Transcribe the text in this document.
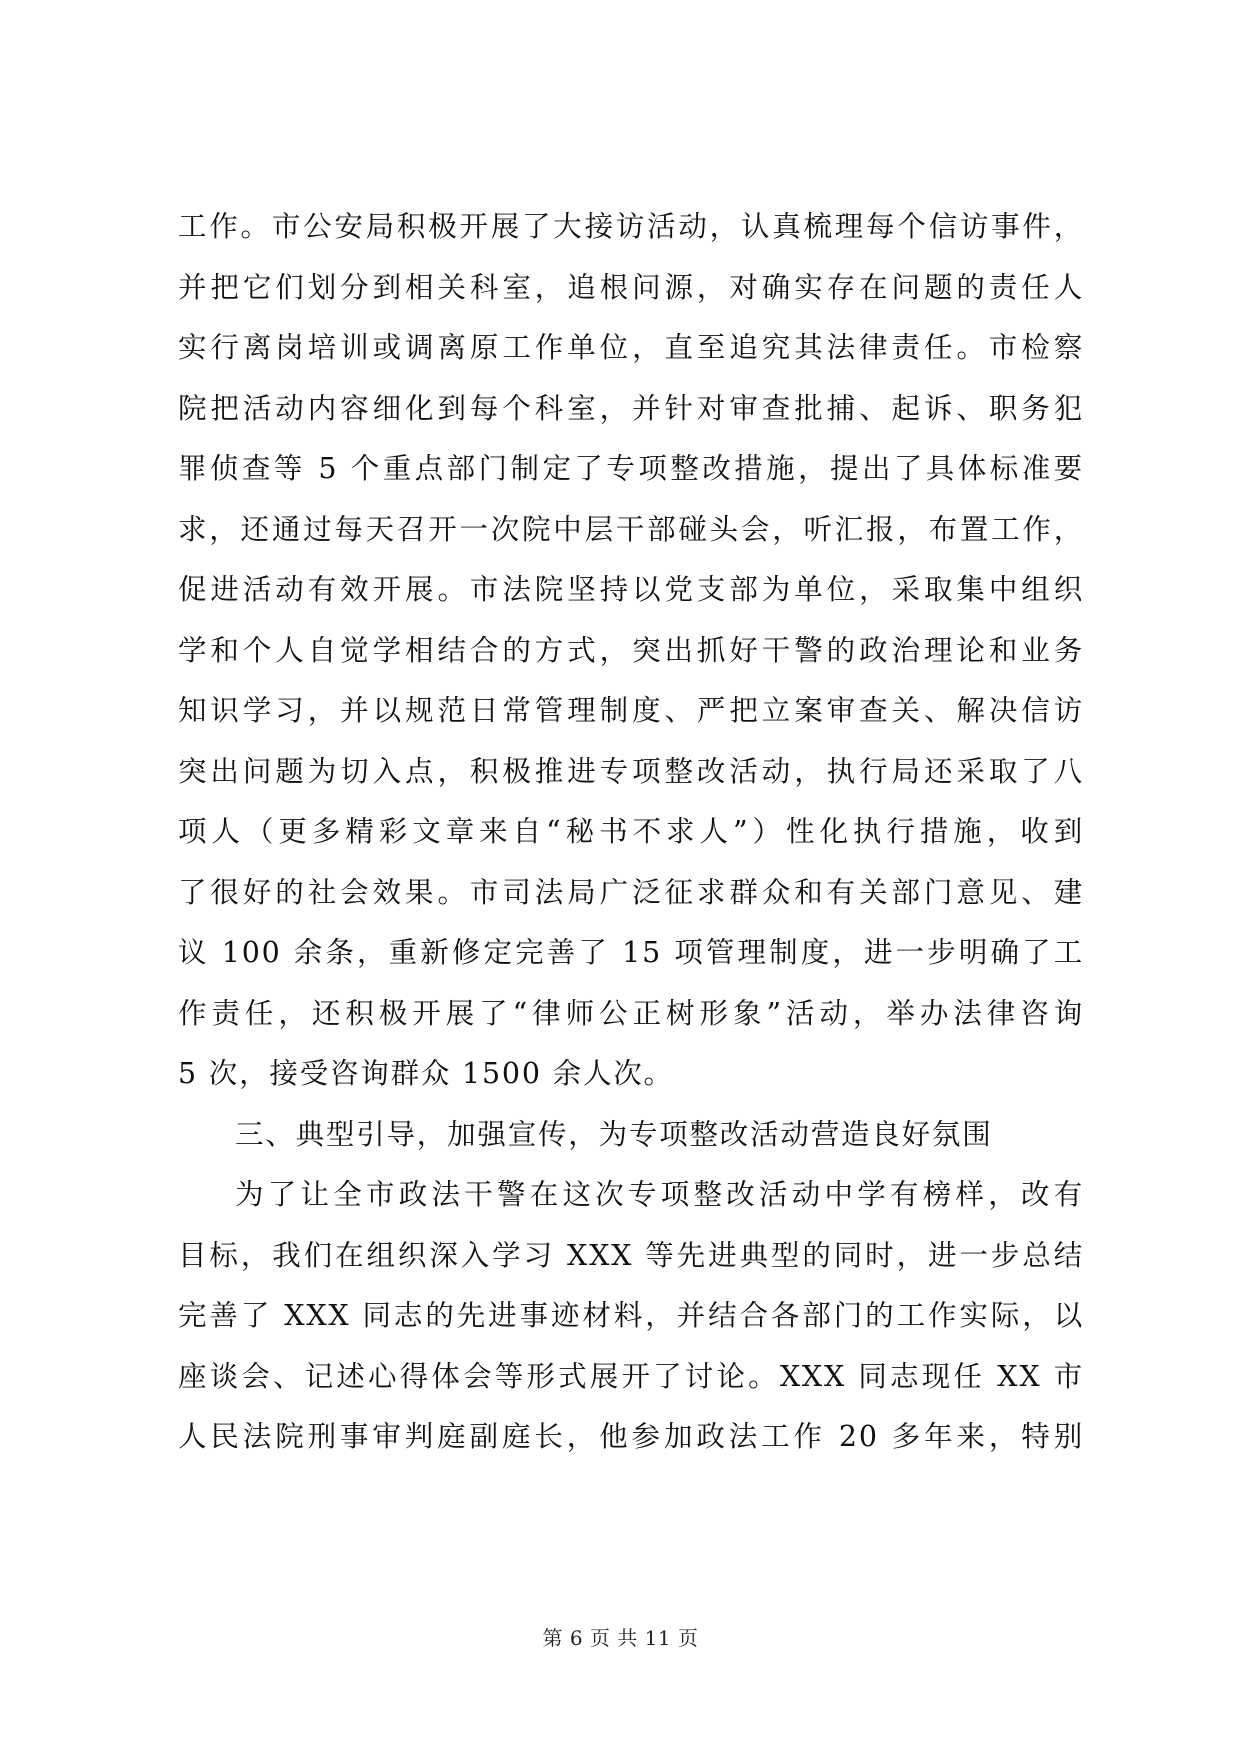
工作。市公安局积极开展了大接访活动，认真梳理每个信访事件，
并把它们划分到相关科室，追根问源，对确实存在问题的责任人
实行离岗培训或调离原工作单位，直至追究其法律责任。市检察
院把活动内容细化到每个科室，并针对审查批捕、起诉、职务犯
罪侦查等 5 个重点部门制定了专项整改措施，提出了具体标准要
求，还通过每天召开一次院中层干部碰头会，听汇报，布置工作，
促进活动有效开展。市法院坚持以党支部为单位，采取集中组织
学和个人自觉学相结合的方式，突出抓好干警的政治理论和业务
知识学习，并以规范日常管理制度、严把立案审查关、解决信访
突出问题为切入点，积极推进专项整改活动，执行局还采取了八
项人（更多精彩文章来自“秘书不求人”）性化执行措施，收到
了很好的社会效果。市司法局广泛征求群众和有关部门意见、建
议 100 余条，重新修定完善了 15 项管理制度，进一步明确了工
作责任，还积极开展了“律师公正树形象”活动，举办法律咨询
5 次，接受咨询群众 1500 余人次。
三、典型引导，加强宣传，为专项整改活动营造良好氛围
为了让全市政法干警在这次专项整改活动中学有榜样，改有
目标，我们在组织深入学习 XXX 等先进典型的同时，进一步总结
完善了 XXX 同志的先进事迹材料，并结合各部门的工作实际，以
座谈会、记述心得体会等形式展开了讨论。XXX 同志现任 XX 市
人民法院刑事审判庭副庭长，他参加政法工作 20 多年来，特别
第 6 页 共 11 页
